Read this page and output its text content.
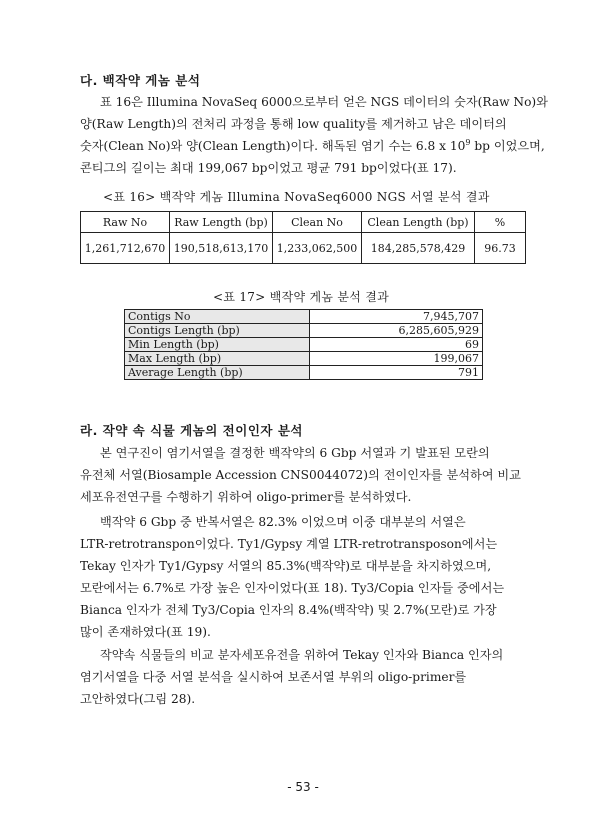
다. 백작약 게놈 분석
표 16은 Illumina NovaSeq 6000으로부터 얻은 NGS 데이터의 숫자(Raw No)와
양(Raw Length)의 전처리 과정을 통해 low quality를 제거하고 남은 데이터의
숫자(Clean No)와 양(Clean Length)이다. 해독된 염기 수는 6.8 x $10^9$ bp 이었으며,
콘티그의 길이는 최대 199,067 bp이었고 평균 791 bp이었다(표 17).
<표 16> 백작약 게놈 Illumina NovaSeq6000 NGS 서열 분석 결과
Raw No	Raw Length (bp)	Clean No	Clean Length (bp)	%
1,261,712,670	190,518,613,170	1,233,062,500	184,285,578,429	96.73
<표 17> 백작약 게놈 분석 결과
Contigs No	7,945,707
Contigs Length (bp)	6,285,605,929
Min Length (bp)	69
Max Length (bp)	199,067
Average Length (bp)	791
라. 작약 속 식물 게놈의 전이인자 분석
본 연구진이 염기서열을 결정한 백작약의 6 Gbp 서열과 기 발표된 모란의
유전체 서열(Biosample Accession CNS0044072)의 전이인자를 분석하여 비교
세포유전연구를 수행하기 위하여 oligo-primer를 분석하였다.
백작약 6 Gbp 중 반복서열은 82.3% 이었으며 이중 대부분의 서열은
LTR-retrotranspon이었다. Ty1/Gypsy 계열 LTR-retrotransposon에서는
Tekay 인자가 Ty1/Gypsy 서열의 85.3%(백작약)로 대부분을 차지하였으며,
모란에서는 6.7%로 가장 높은 인자이었다(표 18). Ty3/Copia 인자들 중에서는
Bianca 인자가 전체 Ty3/Copia 인자의 8.4%(백작약) 및 2.7%(모란)로 가장
많이 존재하였다(표 19).
작약속 식물들의 비교 분자세포유전을 위하여 Tekay 인자와 Bianca 인자의
염기서열을 다중 서열 분석을 실시하여 보존서열 부위의 oligo-primer를
고안하였다(그림 28).
- 53 -
